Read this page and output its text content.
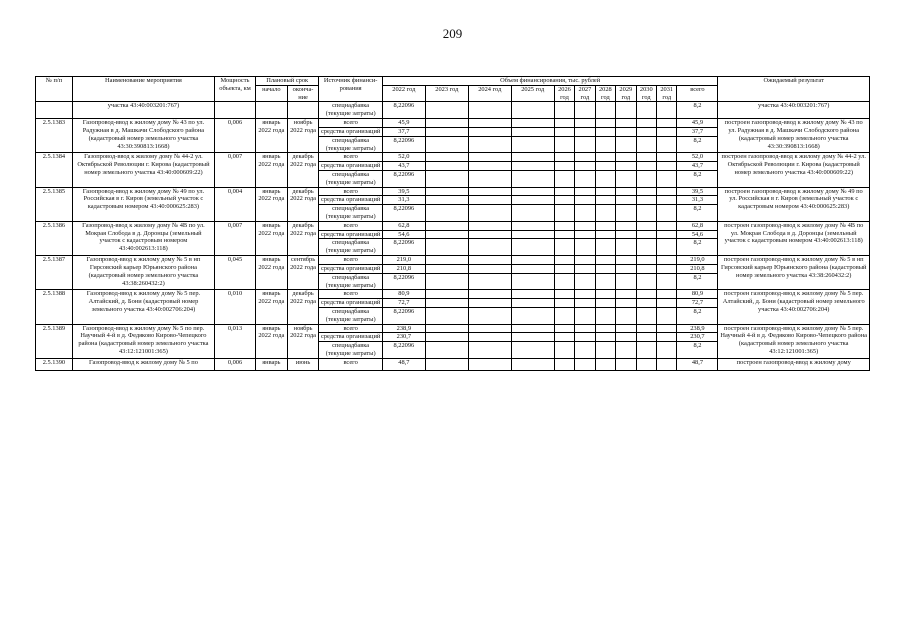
209
№ п/п	Наименование мероприятия	Мощность объекта, км	Плановый срок		Источник финанси-рования	Объем финансирования, тыс. рублей											Ожидаемый результат
			начало	оконча-ние		2022 год	2023 год	2024 год	2025 год	2026 год	2027 год	2028 год	2029 год	2030 год	2031 год	всего	
	участка 43:40:003201:767)				спецнадбавка (текущие затраты)	8,22096										8,2	участка 43:40:003201:767)
2.5.1383	Газопровод-ввод к жилому дому № 43 по ул. Радужная в д. Машкачи Слободского района (кадастровый номер земельного участка 43:30:390813:1668)	0,006	январь 2022 года	ноябрь 2022 года	всего	45,9										45,9	построен газопровод-ввод к жилому дому № 43 по ул. Радужная в д. Машкачи Слободского района (кадастровый номер земельного участка 43:30:390813:1668)
					средства организаций	37,7										37,7	
					спецнадбавка (текущие затраты)	8,22096										8,2	
2.5.1384	Газопровод-ввод к жилому дому № 44-2 ул. Октябрьской Революции г. Кирова (кадастровый номер земельного участка 43:40:000609:22)	0,007	январь 2022 года	декабрь 2022 года	всего	52,0										52,0	построен газопровод-ввод к жилому дому № 44-2 ул. Октябрьской Революции г. Кирова (кадастровый номер земельного участка 43:40:000609:22)
					средства организаций	43,7										43,7	
					спецнадбавка (текущие затраты)	8,22096										8,2	
2.5.1385	Газопровод-ввод к жилому дому № 49 по ул. Российская в г. Киров (земельный участок с кадастровым номером 43:40:000625:283)	0,004	январь 2022 года	декабрь 2022 года	всего	39,5										39,5	построен газопровод-ввод к жилому дому № 49 по ул. Российская в г. Киров (земельный участок с кадастровым номером 43:40:000625:283)
					средства организаций	31,3										31,3	
					спецнадбавка (текущие затраты)	8,22096										8,2	
2.5.1386	Газопровод-ввод к жилому дому № 4В по ул. Мокрая Слобода в д. Доронцы (земельный участок с кадастровым номером 43:40:002613:118)	0,007	январь 2022 года	декабрь 2022 года	всего	62,8										62,8	построен газопровод-ввод к жилому дому № 4В по ул. Мокрая Слобода в д. Доронцы (земельный участок с кадастровым номером 43:40:002613:118)
					средства организаций	54,6										54,6	
					спецнадбавка (текущие затраты)	8,22096										8,2	
2.5.1387	Газопровод-ввод к жилому дому № 5 в нп Гирсовский карьер Юрьянского района (кадастровый номер земельного участка 43:38:260432:2)	0,045	январь 2022 года	сентябрь 2022 года	всего	219,0										219,0	построен газопровод-ввод к жилому дому № 5 в нп Гирсовский карьер Юрьянского района (кадастровый номер земельного участка 43:38:260432:2)
					средства организаций	210,8										210,8	
					спецнадбавка (текущие затраты)	8,22096										8,2	
2.5.1388	Газопровод-ввод к жилому дому № 5 пер. Алтайский, д. Бони (кадастровый номер земельного участка 43:40:002706:204)	0,010	январь 2022 года	декабрь 2022 года	всего	80,9										80,9	построен газопровод-ввод к жилому дому № 5 пер. Алтайский, д. Бони (кадастровый номер земельного участка 43:40:002706:204)
					средства организаций	72,7										72,7	
					спецнадбавка (текущие затраты)	8,22096										8,2	
2.5.1389	Газопровод-ввод к жилому дому № 5 по пер. Научный 4-й в д. Федяково Кирово-Чепецкого района (кадастровый номер земельного участка 43:12:121001:365)	0,013	январь 2022 года	ноябрь 2022 года	всего	238,9										238,9	построен газопровод-ввод к жилому дому № 5 пер. Научный 4-й в д. Федяково Кирово-Чепецкого района (кадастровый номер земельного участка 43:12:121001:365)
					средства организаций	230,7										230,7	
					спецнадбавка (текущие затраты)	8,22096										8,2	
2.5.1390	Газопровод-ввод к жилому дому № 5 по	0,006	январь	июнь	всего	48,7										48,7	построен газопровод-ввод к жилому дому
